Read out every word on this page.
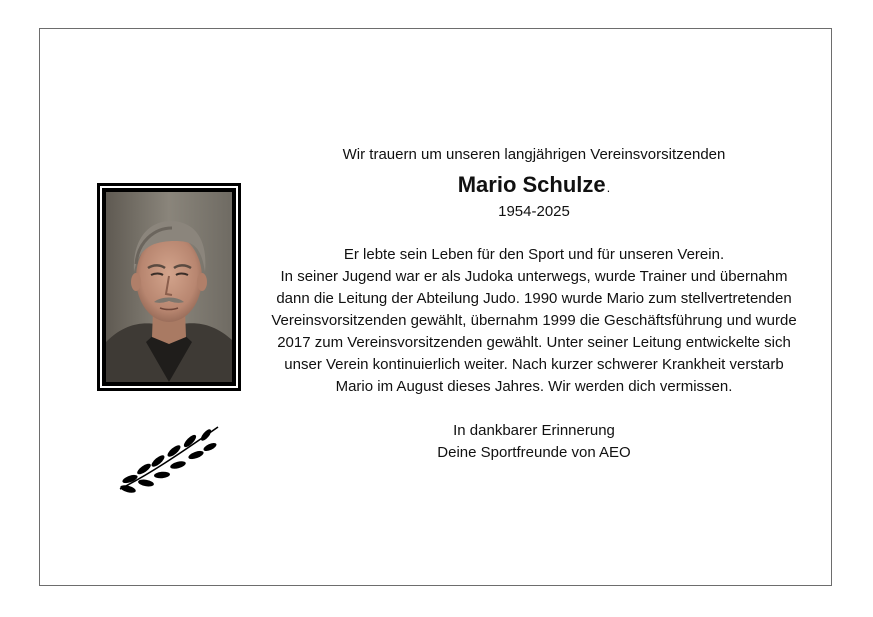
Wir trauern um unseren langjährigen Vereinsvorsitzenden

Mario Schulze.

1954-2025

Er lebte sein Leben für den Sport und für unseren Verein.
In seiner Jugend war er als Judoka unterwegs, wurde Trainer und übernahm
dann die Leitung der Abteilung Judo. 1990 wurde Mario zum stellvertretenden
Vereinsvorsitzenden gewählt, übernahm 1999 die Geschäftsführung und wurde
2017 zum Vereinsvorsitzenden gewählt. Unter seiner Leitung entwickelte sich
unser Verein kontinuierlich weiter. Nach kurzer schwerer Krankheit verstarb
Mario im August dieses Jahres. Wir werden dich vermissen.
In dankbarer Erinnerung
Deine Sportfreunde von AEO
